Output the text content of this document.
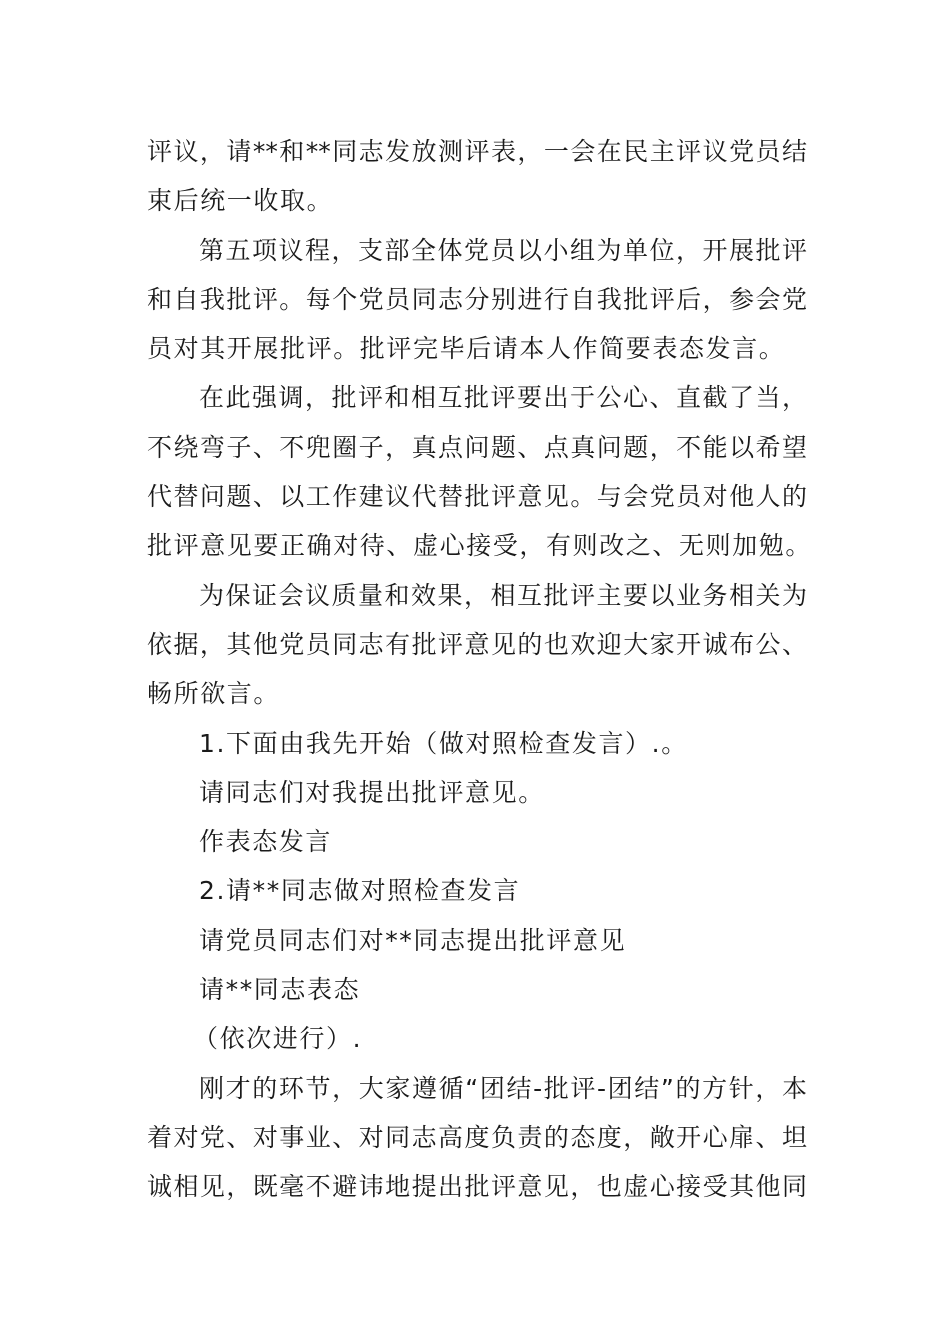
评议，请**和**同志发放测评表，一会在民主评议党员结
束后统一收取。
第五项议程，支部全体党员以小组为单位，开展批评
和自我批评。每个党员同志分别进行自我批评后，参会党
员对其开展批评。批评完毕后请本人作简要表态发言。
在此强调，批评和相互批评要出于公心、直截了当，
不绕弯子、不兜圈子，真点问题、点真问题，不能以希望
代替问题、以工作建议代替批评意见。与会党员对他人的
批评意见要正确对待、虚心接受，有则改之、无则加勉。
为保证会议质量和效果，相互批评主要以业务相关为
依据，其他党员同志有批评意见的也欢迎大家开诚布公、
畅所欲言。
1.下面由我先开始（做对照检查发言）.。
请同志们对我提出批评意见。
作表态发言
2.请**同志做对照检查发言
请党员同志们对**同志提出批评意见
请**同志表态
（依次进行）.
刚才的环节，大家遵循“团结-批评-团结”的方针，本
着对党、对事业、对同志高度负责的态度，敞开心扉、坦
诚相见，既毫不避讳地提出批评意见，也虚心接受其他同
